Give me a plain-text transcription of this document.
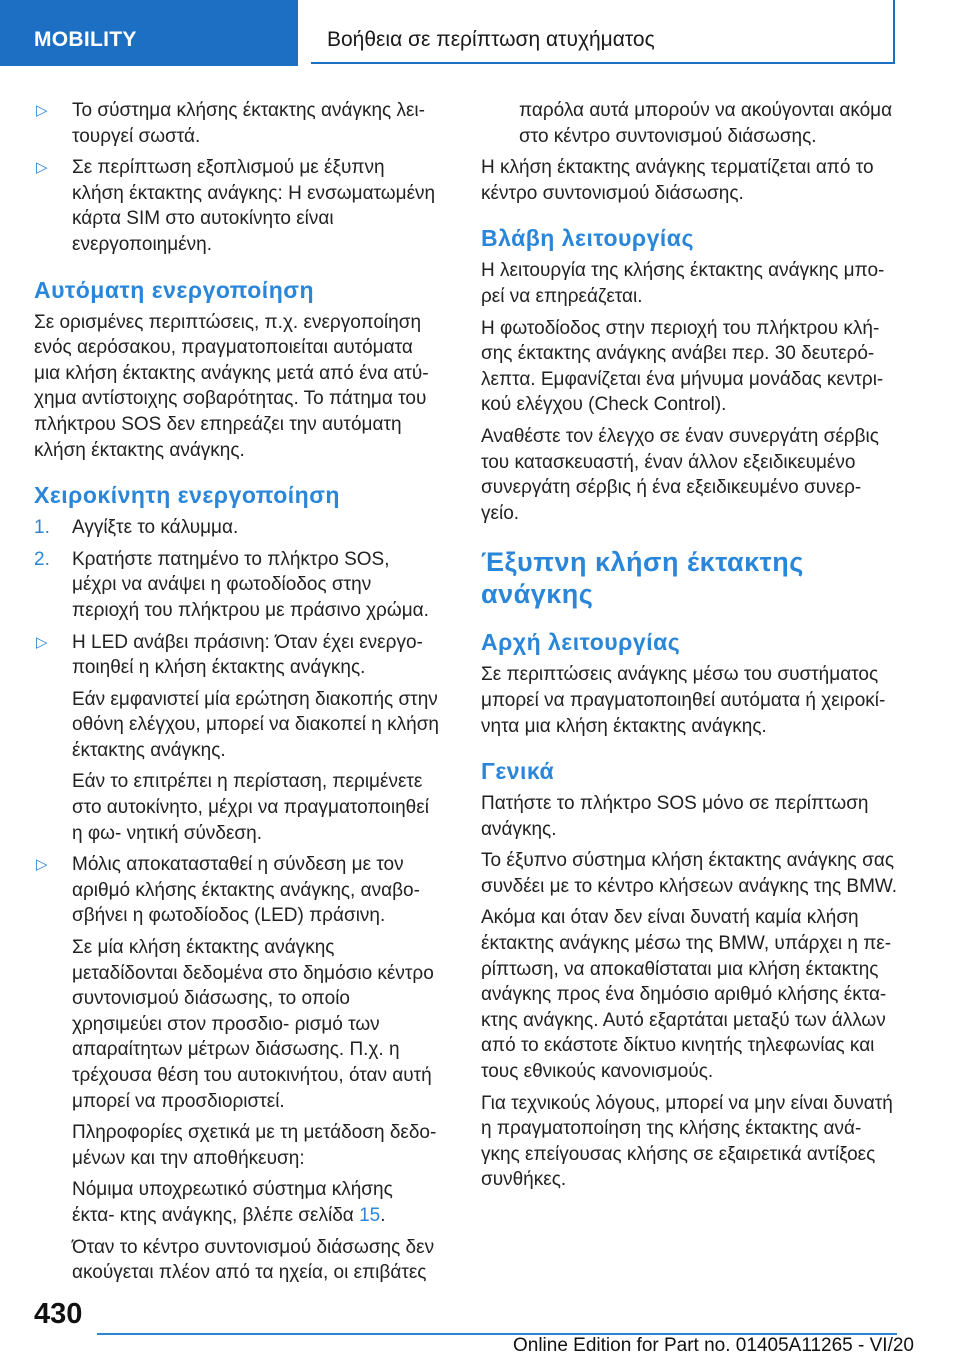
MOBILITY	Βοήθεια σε περίπτωση ατυχήματος
▷ Το σύστημα κλήσης έκτακτης ανάγκης λει‐ τουργεί σωστά.
▷ Σε περίπτωση εξοπλισμού με έξυπνη κλήση έκτακτης ανάγκης: Η ενσωματωμένη κάρτα SIM στο αυτοκίνητο είναι ενεργοποιημένη.
Αυτόματη ενεργοποίηση

Σε ορισμένες περιπτώσεις, π.χ. ενεργοποίηση ενός αερόσακου, πραγματοποιείται αυτόματα μια κλήση έκτακτης ανάγκης μετά από ένα ατύ‐ χημα αντίστοιχης σοβαρότητας. Το πάτημα του πλήκτρου SOS δεν επηρεάζει την αυτόματη κλήση έκτακτης ανάγκης.

Χειροκίνητη ενεργοποίηση
1. Αγγίξτε το κάλυμμα.
2. Κρατήστε πατημένο το πλήκτρο SOS, μέχρι να ανάψει η φωτοδίοδος στην περιοχή του πλήκτρου με πράσινο χρώμα.
▷ Η LED ανάβει πράσινη: Όταν έχει ενεργο‐ ποιηθεί η κλήση έκτακτης ανάγκης.

Εάν εμφανιστεί μία ερώτηση διακοπής στην οθόνη ελέγχου, μπορεί να διακοπεί η κλήση έκτακτης ανάγκης.

Εάν το επιτρέπει η περίσταση, περιμένετε στο αυτοκίνητο, μέχρι να πραγματοποιηθεί η φω‐ νητική σύνδεση.

▷ Μόλις αποκατασταθεί η σύνδεση με τον αριθμό κλήσης έκτακτης ανάγκης, αναβο‐ σβήνει η φωτοδίοδος (LED) πράσινη.

Σε μία κλήση έκτακτης ανάγκης μεταδίδονται δεδομένα στο δημόσιο κέντρο συντονισμού διάσωσης, το οποίο χρησιμεύει στον προσδιο‐ ρισμό των απαραίτητων μέτρων διάσωσης. Π.χ. η τρέχουσα θέση του αυτοκινήτου, όταν αυτή μπορεί να προσδιοριστεί.

Πληροφορίες σχετικά με τη μετάδοση δεδο‐ μένων και την αποθήκευση:

Νόμιμα υποχρεωτικό σύστημα κλήσης έκτα‐ κτης ανάγκης, βλέπε σελίδα 15.

Όταν το κέντρο συντονισμού διάσωσης δεν ακούγεται πλέον από τα ηχεία, οι επιβάτες

παρόλα αυτά μπορούν να ακούγονται ακόμα στο κέντρο συντονισμού διάσωσης.

Η κλήση έκτακτης ανάγκης τερματίζεται από το κέντρο συντονισμού διάσωσης.

Βλάβη λειτουργίας

Η λειτουργία της κλήσης έκτακτης ανάγκης μπο‐ ρεί να επηρεάζεται.

Η φωτοδίοδος στην περιοχή του πλήκτρου κλή‐ σης έκτακτης ανάγκης ανάβει περ. 30 δευτερό‐ λεπτα. Εμφανίζεται ένα μήνυμα μονάδας κεντρι‐ κού ελέγχου (Check Control).

Αναθέστε τον έλεγχο σε έναν συνεργάτη σέρβις του κατασκευαστή, έναν άλλον εξειδικευμένο συνεργάτη σέρβις ή ένα εξειδικευμένο συνερ‐ γείο.

Έξυπνη κλήση έκτακτης ανάγκης
Αρχή λειτουργίας

Σε περιπτώσεις ανάγκης μέσω του συστήματος μπορεί να πραγματοποιηθεί αυτόματα ή χειροκί‐ νητα μια κλήση έκτακτης ανάγκης.

Γενικά

Πατήστε το πλήκτρο SOS μόνο σε περίπτωση ανάγκης.

Το έξυπνο σύστημα κλήση έκτακτης ανάγκης σας συνδέει με το κέντρο κλήσεων ανάγκης της BMW.

Ακόμα και όταν δεν είναι δυνατή καμία κλήση έκτακτης ανάγκης μέσω της BMW, υπάρχει η πε‐ ρίπτωση, να αποκαθίσταται μια κλήση έκτακτης ανάγκης προς ένα δημόσιο αριθμό κλήσης έκτα‐ κτης ανάγκης. Αυτό εξαρτάται μεταξύ των άλλων από το εκάστοτε δίκτυο κινητής τηλεφωνίας και τους εθνικούς κανονισμούς.

Για τεχνικούς λόγους, μπορεί να μην είναι δυνατή η πραγματοποίηση της κλήσης έκτακτης ανά‐ γκης επείγουσας κλήσης σε εξαιρετικά αντίξοες συνθήκες.

430
Online Edition for Part no. 01405A11265 - VI/20
